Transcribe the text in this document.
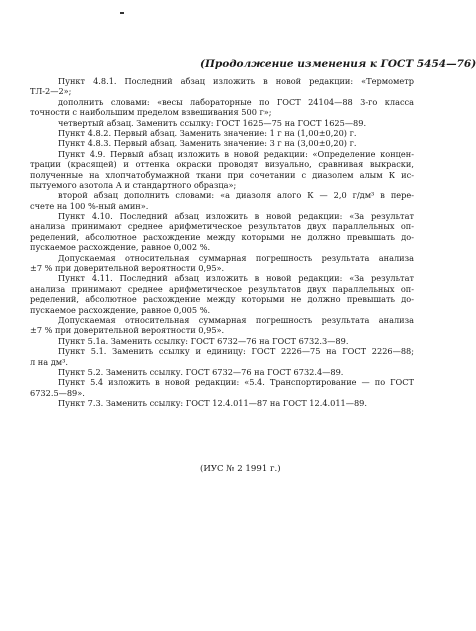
(Продолжение изменения к ГОСТ 5454—76)
Пункт 4.8.1. Последний абзац изложить в новой редакции: «Термометр
ТЛ-2—2»;
дополнить словами: «весы лабораторные по ГОСТ 24104—88 3-го класса
точности с наибольшим пределом взвешивания 500 г»;
четвертый абзац. Заменить ссылку: ГОСТ 1625—75 на ГОСТ 1625—89.
Пункт 4.8.2. Первый абзац. Заменить значение: 1 г на (1,00±0,20) г.
Пункт 4.8.3. Первый абзац. Заменить значение: 3 г на (3,00±0,20) г.
Пункт 4.9. Первый абзац изложить в новой редакции: «Определение концен-
трации (красящей) и оттенка окраски проводят визуально, сравнивая выкраски,
полученные на хлопчатобумажной ткани при сочетании с диазолем алым К ис-
пытуемого азотола А и стандартного образца»;
второй абзац дополнить словами: «а диазоля алого К — 2,0 г/дм³ в пере-
счете на 100 %-ный амин».
Пункт 4.10. Последний абзац изложить в новой редакции: «За результат
анализа принимают среднее арифметическое результатов двух параллельных оп-
ределений, абсолютное расхождение между которыми не должно превышать до-
пускаемое расхождение, равное 0,002 %.
Допускаемая относительная суммарная погрешность результата анализа
±7 % при доверительной вероятности 0,95».
Пункт 4.11. Последний абзац изложить в новой редакции: «За результат
анализа принимают среднее арифметическое результатов двух параллельных оп-
ределений, абсолютное расхождение между которыми не должно превышать до-
пускаемое расхождение, равное 0,005 %.
Допускаемая относительная суммарная погрешность результата анализа
±7 % при доверительной вероятности 0,95».
Пункт 5.1а. Заменить ссылку: ГОСТ 6732—76 на ГОСТ 6732.3—89.
Пункт 5.1. Заменить ссылку и единицу: ГОСТ 2226—75 на ГОСТ 2226—88;
л на дм³.
Пункт 5.2. Заменить ссылку. ГОСТ 6732—76 на ГОСТ 6732.4—89.
Пункт 5.4 изложить в новой редакции: «5.4. Транспортирование — по ГОСТ
6732.5—89».
Пункт 7.3. Заменить ссылку: ГОСТ 12.4.011—87 на ГОСТ 12.4.011—89.
(ИУС № 2 1991 г.)
